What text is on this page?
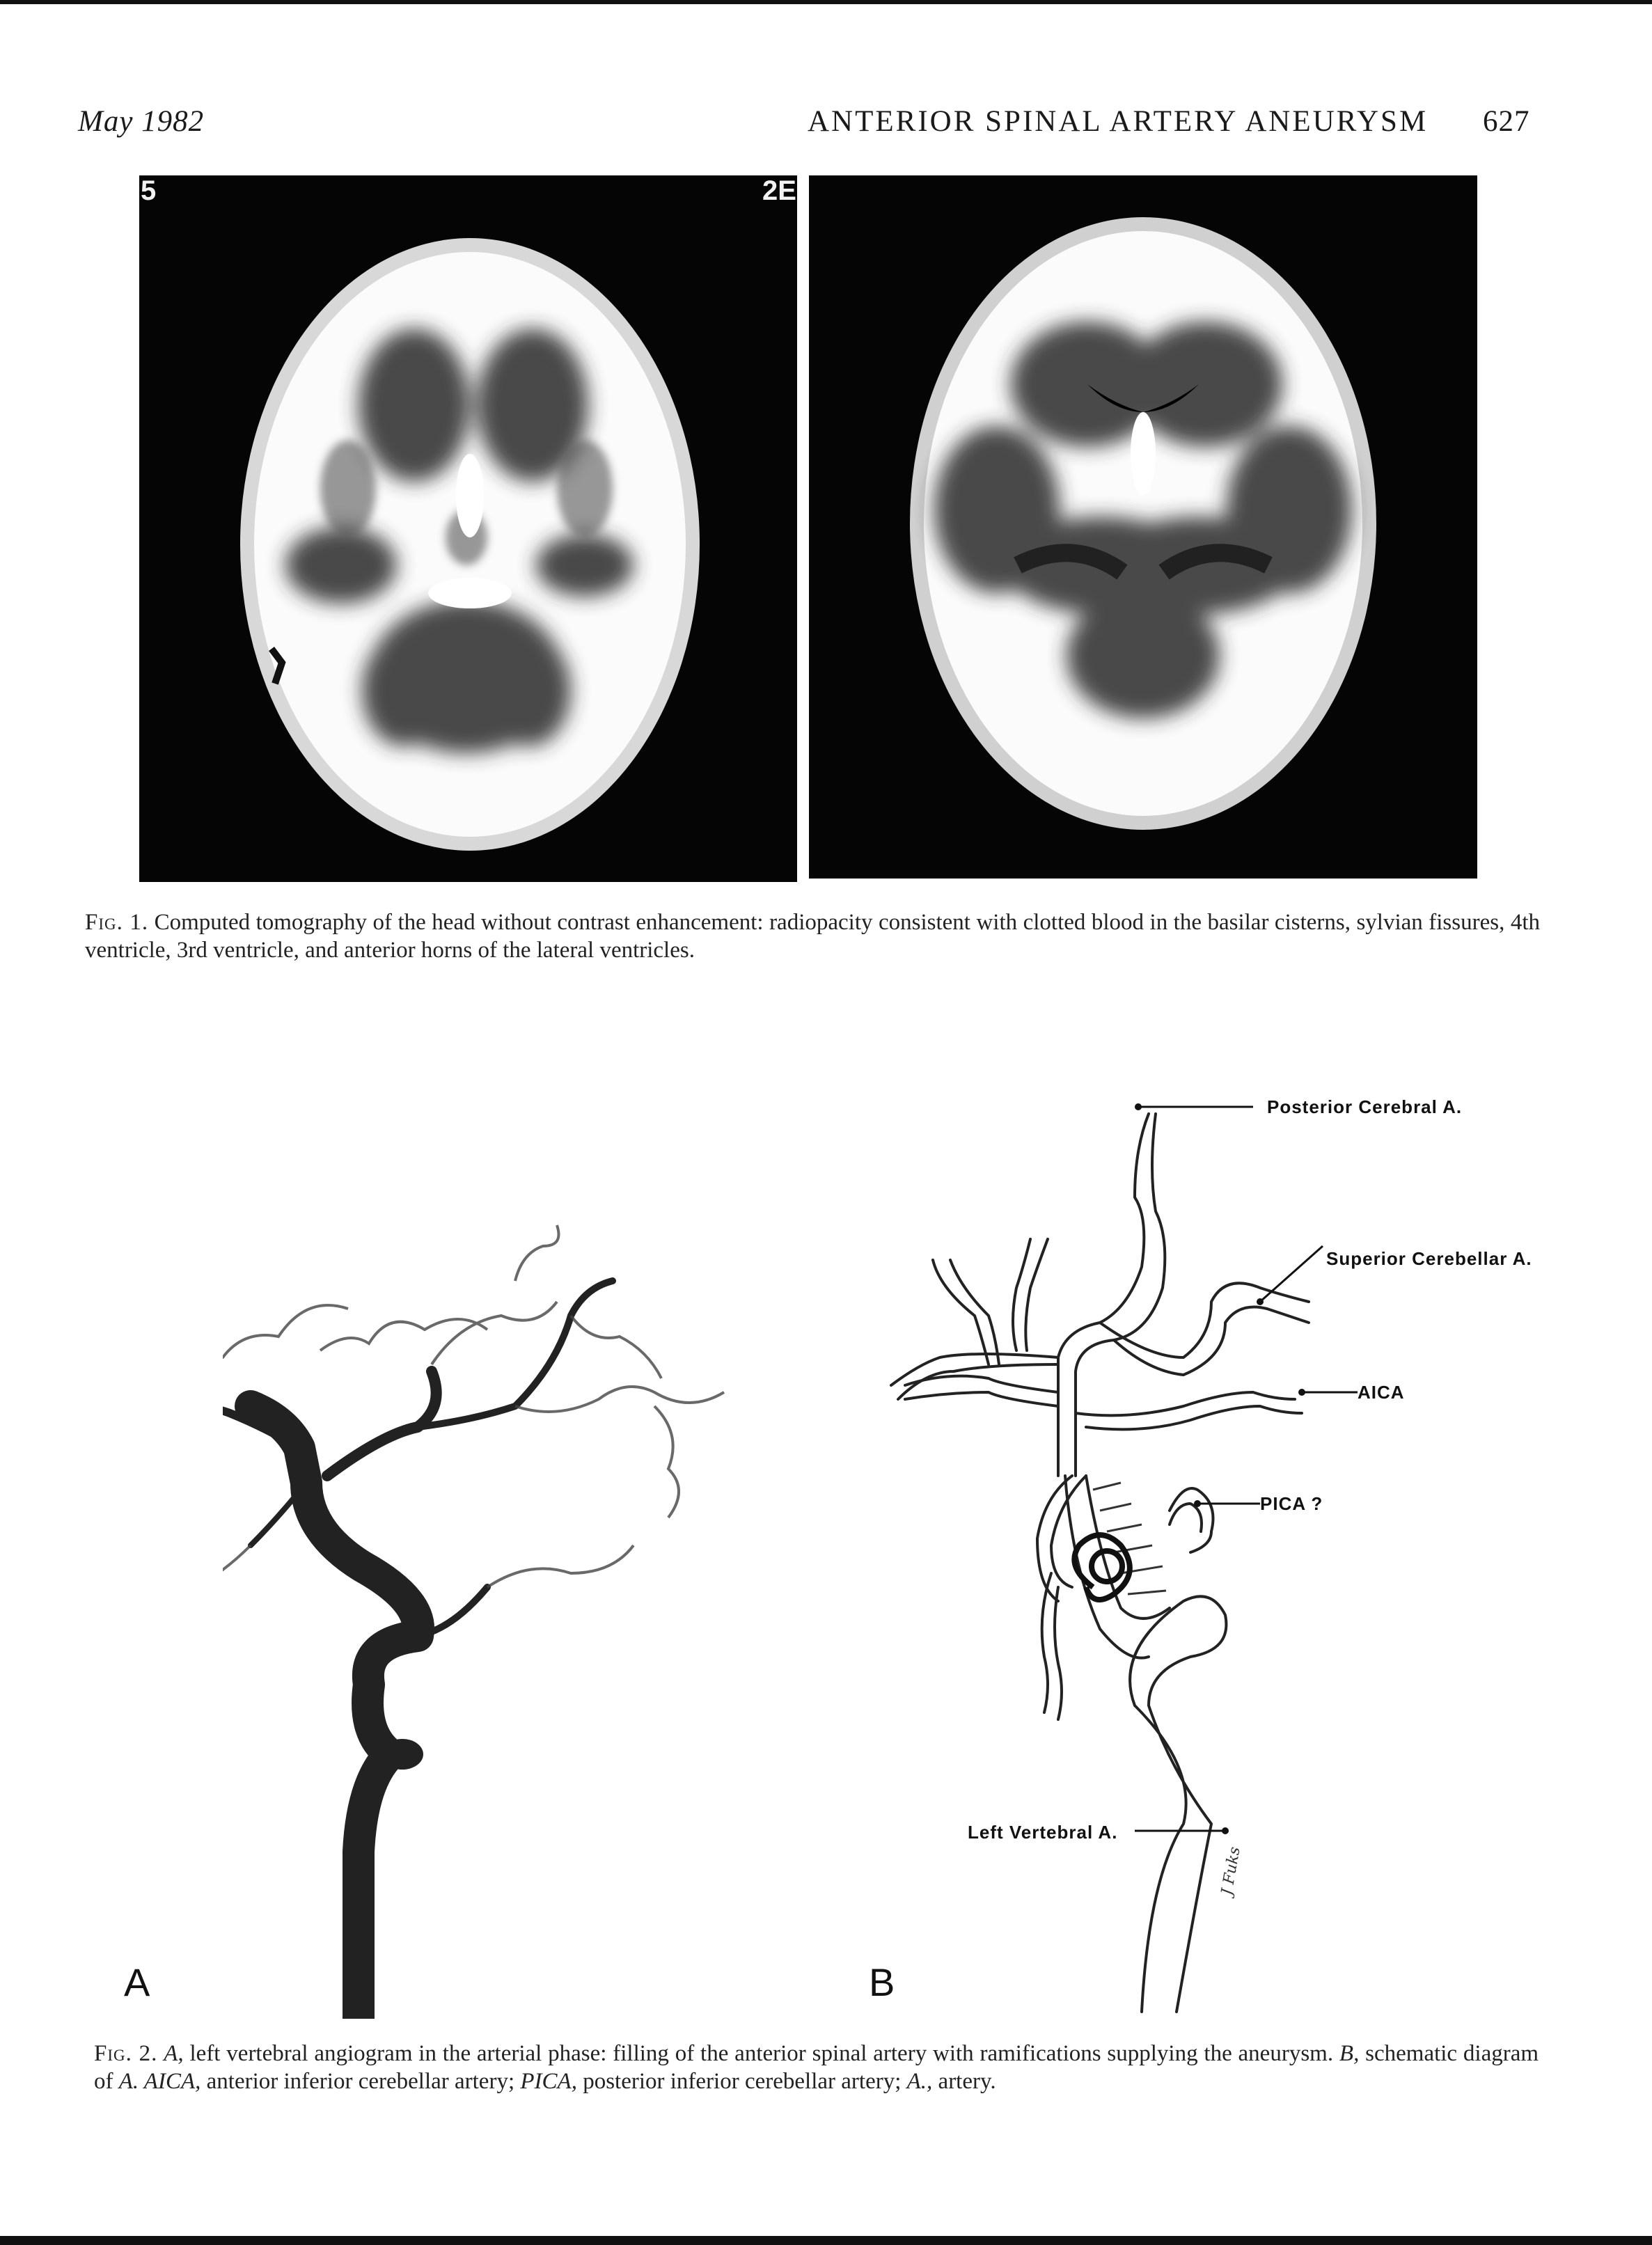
May 1982	ANTERIOR SPINAL ARTERY ANEURYSM 627
5	2E
Fig. 1. Computed tomography of the head without contrast enhancement: radiopacity consistent with clotted blood in the basilar cisterns, sylvian fissures, 4th ventricle, 3rd ventricle, and anterior horns of the lateral ventricles.
A
Posterior Cerebral A.
Superior Cerebellar A.
AICA
PICA ?
Left Vertebral A.
J Fuks
B
Fig. 2. A, left vertebral angiogram in the arterial phase: filling of the anterior spinal artery with ramifications supplying the aneurysm. B, schematic diagram of A. AICA, anterior inferior cerebellar artery; PICA, posterior inferior cerebellar artery; A., artery.
